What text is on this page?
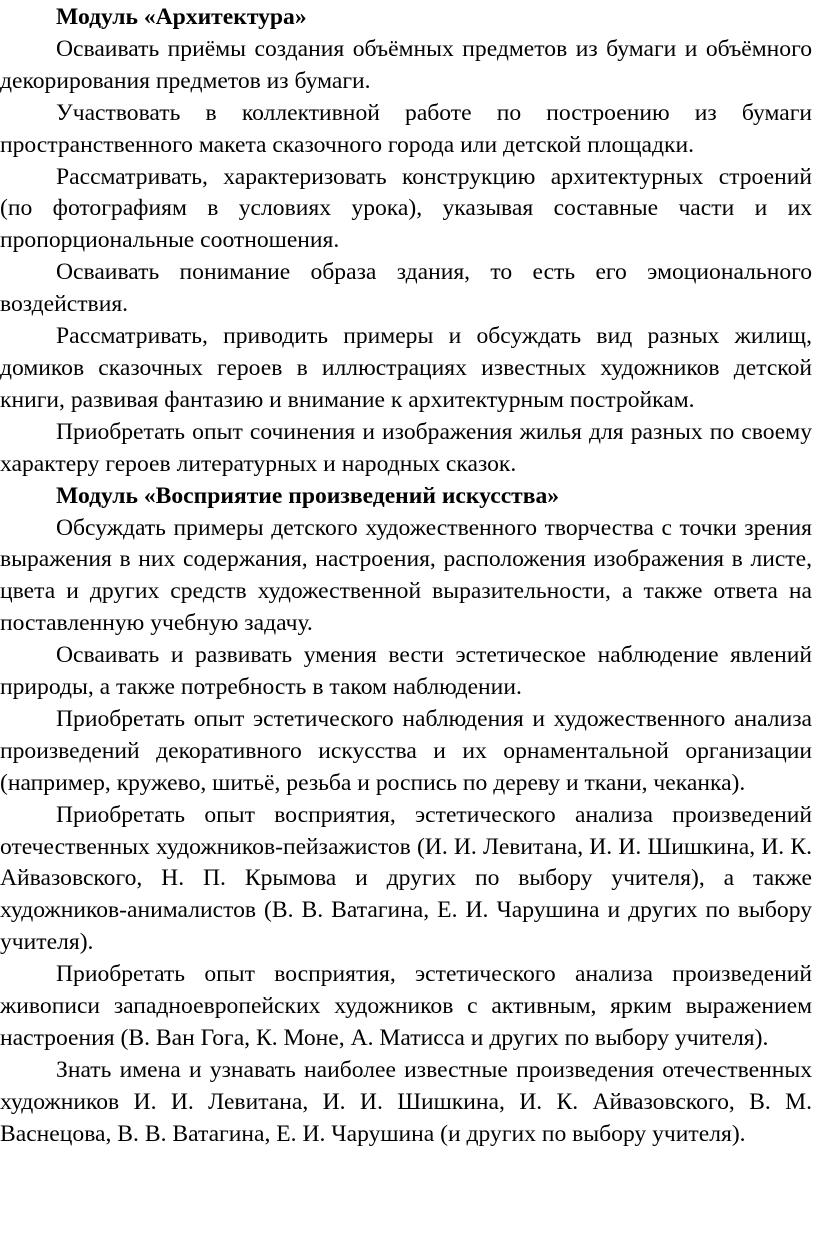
Модуль «Архитектура»

Осваивать приёмы создания объёмных предметов из бумаги и объёмного декорирования предметов из бумаги.

Участвовать в коллективной работе по построению из бумаги пространственного макета сказочного города или детской площадки.

Рассматривать, характеризовать конструкцию архитектурных строений (по фотографиям в условиях урока), указывая составные части и их пропорциональные соотношения.

Осваивать понимание образа здания, то есть его эмоционального воздействия.

Рассматривать, приводить примеры и обсуждать вид разных жилищ, домиков сказочных героев в иллюстрациях известных художников детской книги, развивая фантазию и внимание к архитектурным постройкам.

Приобретать опыт сочинения и изображения жилья для разных по своему характеру героев литературных и народных сказок.

Модуль «Восприятие произведений искусства»

Обсуждать примеры детского художественного творчества с точки зрения выражения в них содержания, настроения, расположения изображения в листе, цвета и других средств художественной выразительности, а также ответа на поставленную учебную задачу.

Осваивать и развивать умения вести эстетическое наблюдение явлений природы, а также потребность в таком наблюдении.

Приобретать опыт эстетического наблюдения и художественного анализа произведений декоративного искусства и их орнаментальной организации (например, кружево, шитьё, резьба и роспись по дереву и ткани, чеканка).

Приобретать опыт восприятия, эстетического анализа произведений отечественных художников-пейзажистов (И. И. Левитана, И. И. Шишкина, И. К. Айвазовского, Н. П. Крымова и других по выбору учителя), а также художников-анималистов (В. В. Ватагина, Е. И. Чарушина и других по выбору учителя).

Приобретать опыт восприятия, эстетического анализа произведений живописи западноевропейских художников с активным, ярким выражением настроения (В. Ван Гога, К. Моне, А. Матисса и других по выбору учителя).

Знать имена и узнавать наиболее известные произведения отечественных художников И. И. Левитана, И. И. Шишкина, И. К. Айвазовского, В. М. Васнецова, В. В. Ватагина, Е. И. Чарушина (и других по выбору учителя).
